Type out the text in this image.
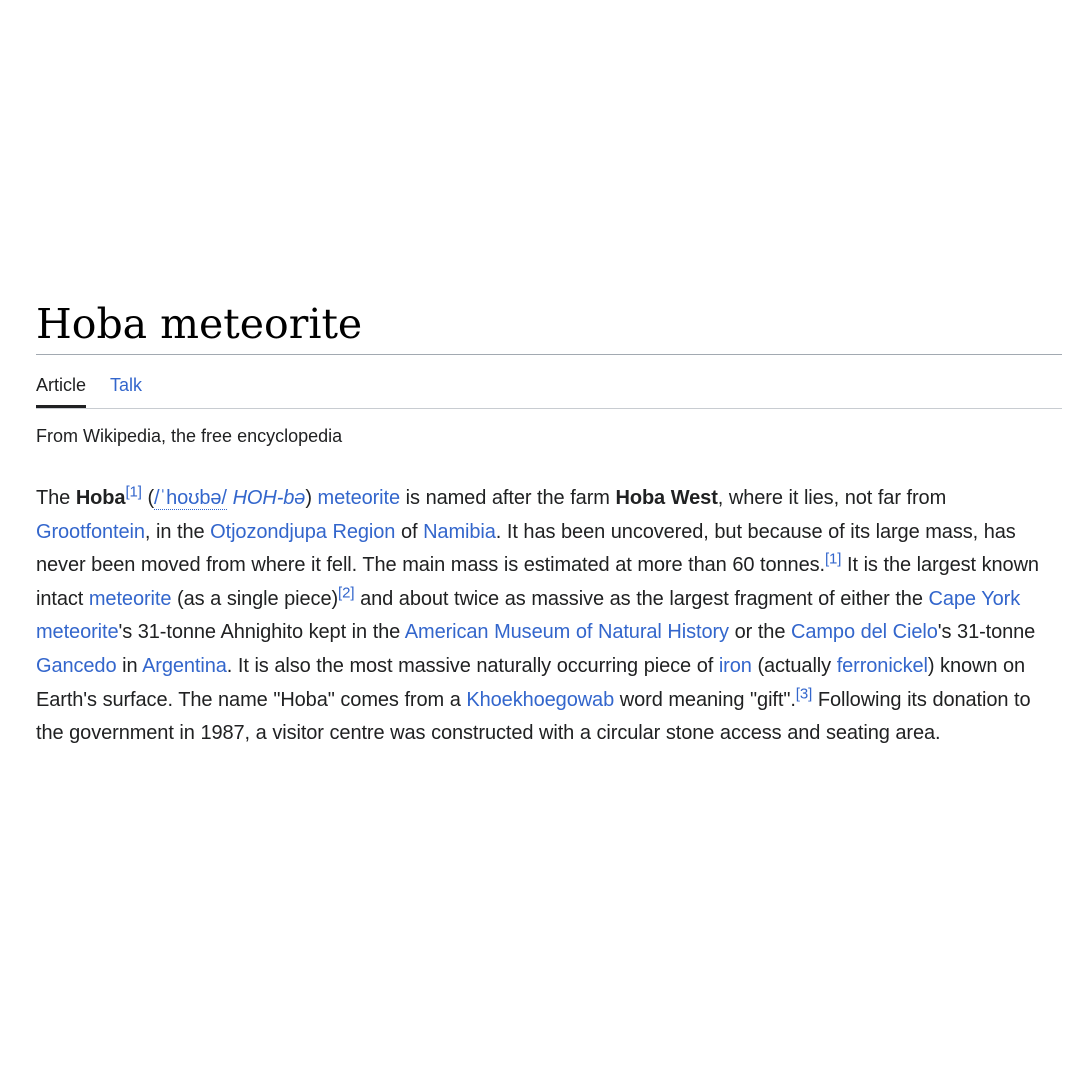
Hoba meteorite
Article Talk
From Wikipedia, the free encyclopedia
The Hoba[1] (/ˈhoʊbə/ HOH-bə) meteorite is named after the farm Hoba West, where it lies, not far from Grootfontein, in the Otjozondjupa Region of Namibia. It has been uncovered, but because of its large mass, has never been moved from where it fell. The main mass is estimated at more than 60 tonnes.[1] It is the largest known intact meteorite (as a single piece)[2] and about twice as massive as the largest fragment of either the Cape York meteorite's 31-tonne Ahnighito kept in the American Museum of Natural History or the Campo del Cielo's 31-tonne Gancedo in Argentina. It is also the most massive naturally occurring piece of iron (actually ferronickel) known on Earth's surface. The name "Hoba" comes from a Khoekhoegowab word meaning "gift".[3] Following its donation to the government in 1987, a visitor centre was constructed with a circular stone access and seating area.
